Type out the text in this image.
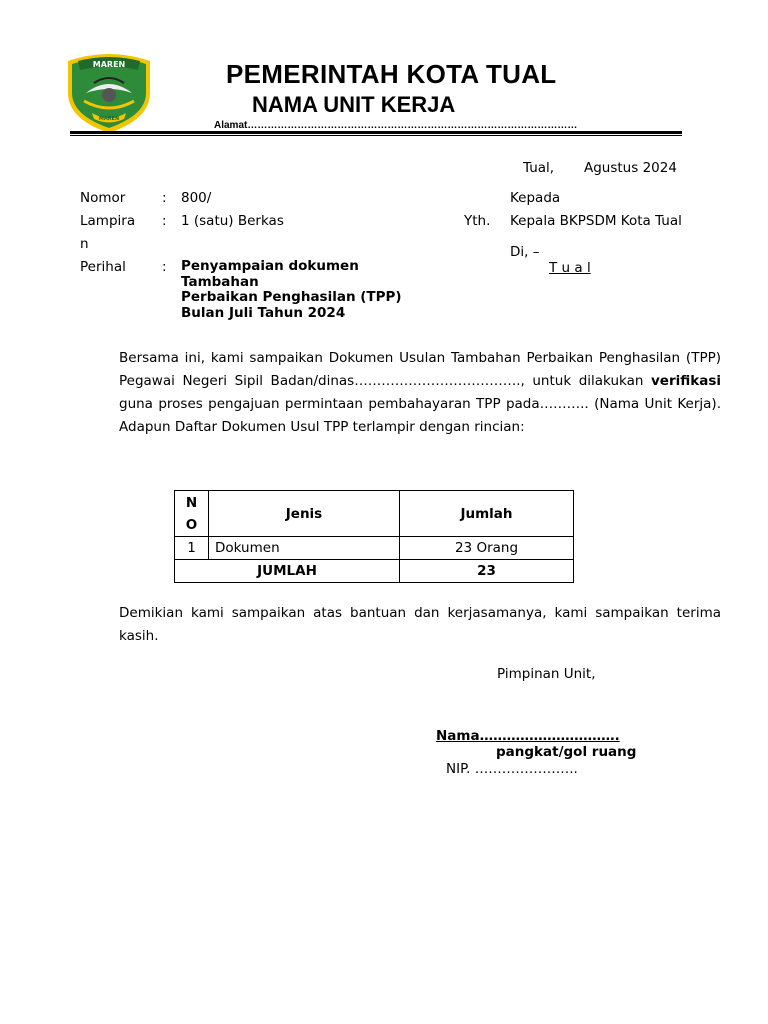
MAREN
MAREN
PEMERINTAH KOTA TUAL
NAMA UNIT KERJA
Alamat………………………………………………………………………………………
Tual, Agustus 2024
Nomor	: 800/
Lampira
n
: 1 (satu) Berkas
Perihal	: Penyampaian dokumen
Tambahan
Perbaikan Penghasilan (TPP)
Bulan Juli Tahun 2024
Kepada
Yth. Kepala BKPSDM Kota Tual
Di, –
T u a l
Bersama ini, kami sampaikan Dokumen Usulan Tambahan Perbaikan Penghasilan (TPP) Pegawai Negeri Sipil Badan/dinas………………………………., untuk dilakukan verifikasi guna proses pengajuan permintaan pembahayaran TPP pada……….. (Nama Unit Kerja). Adapun Daftar Dokumen Usul TPP terlampir dengan rincian:
N
O	Jenis	Jumlah
1	Dokumen	23 Orang
JUMLAH		23
Demikian kami sampaikan atas bantuan dan kerjasamanya, kami sampaikan terima kasih.
Pimpinan Unit,
Nama………………………….
pangkat/gol ruang
NIP. …………………..
